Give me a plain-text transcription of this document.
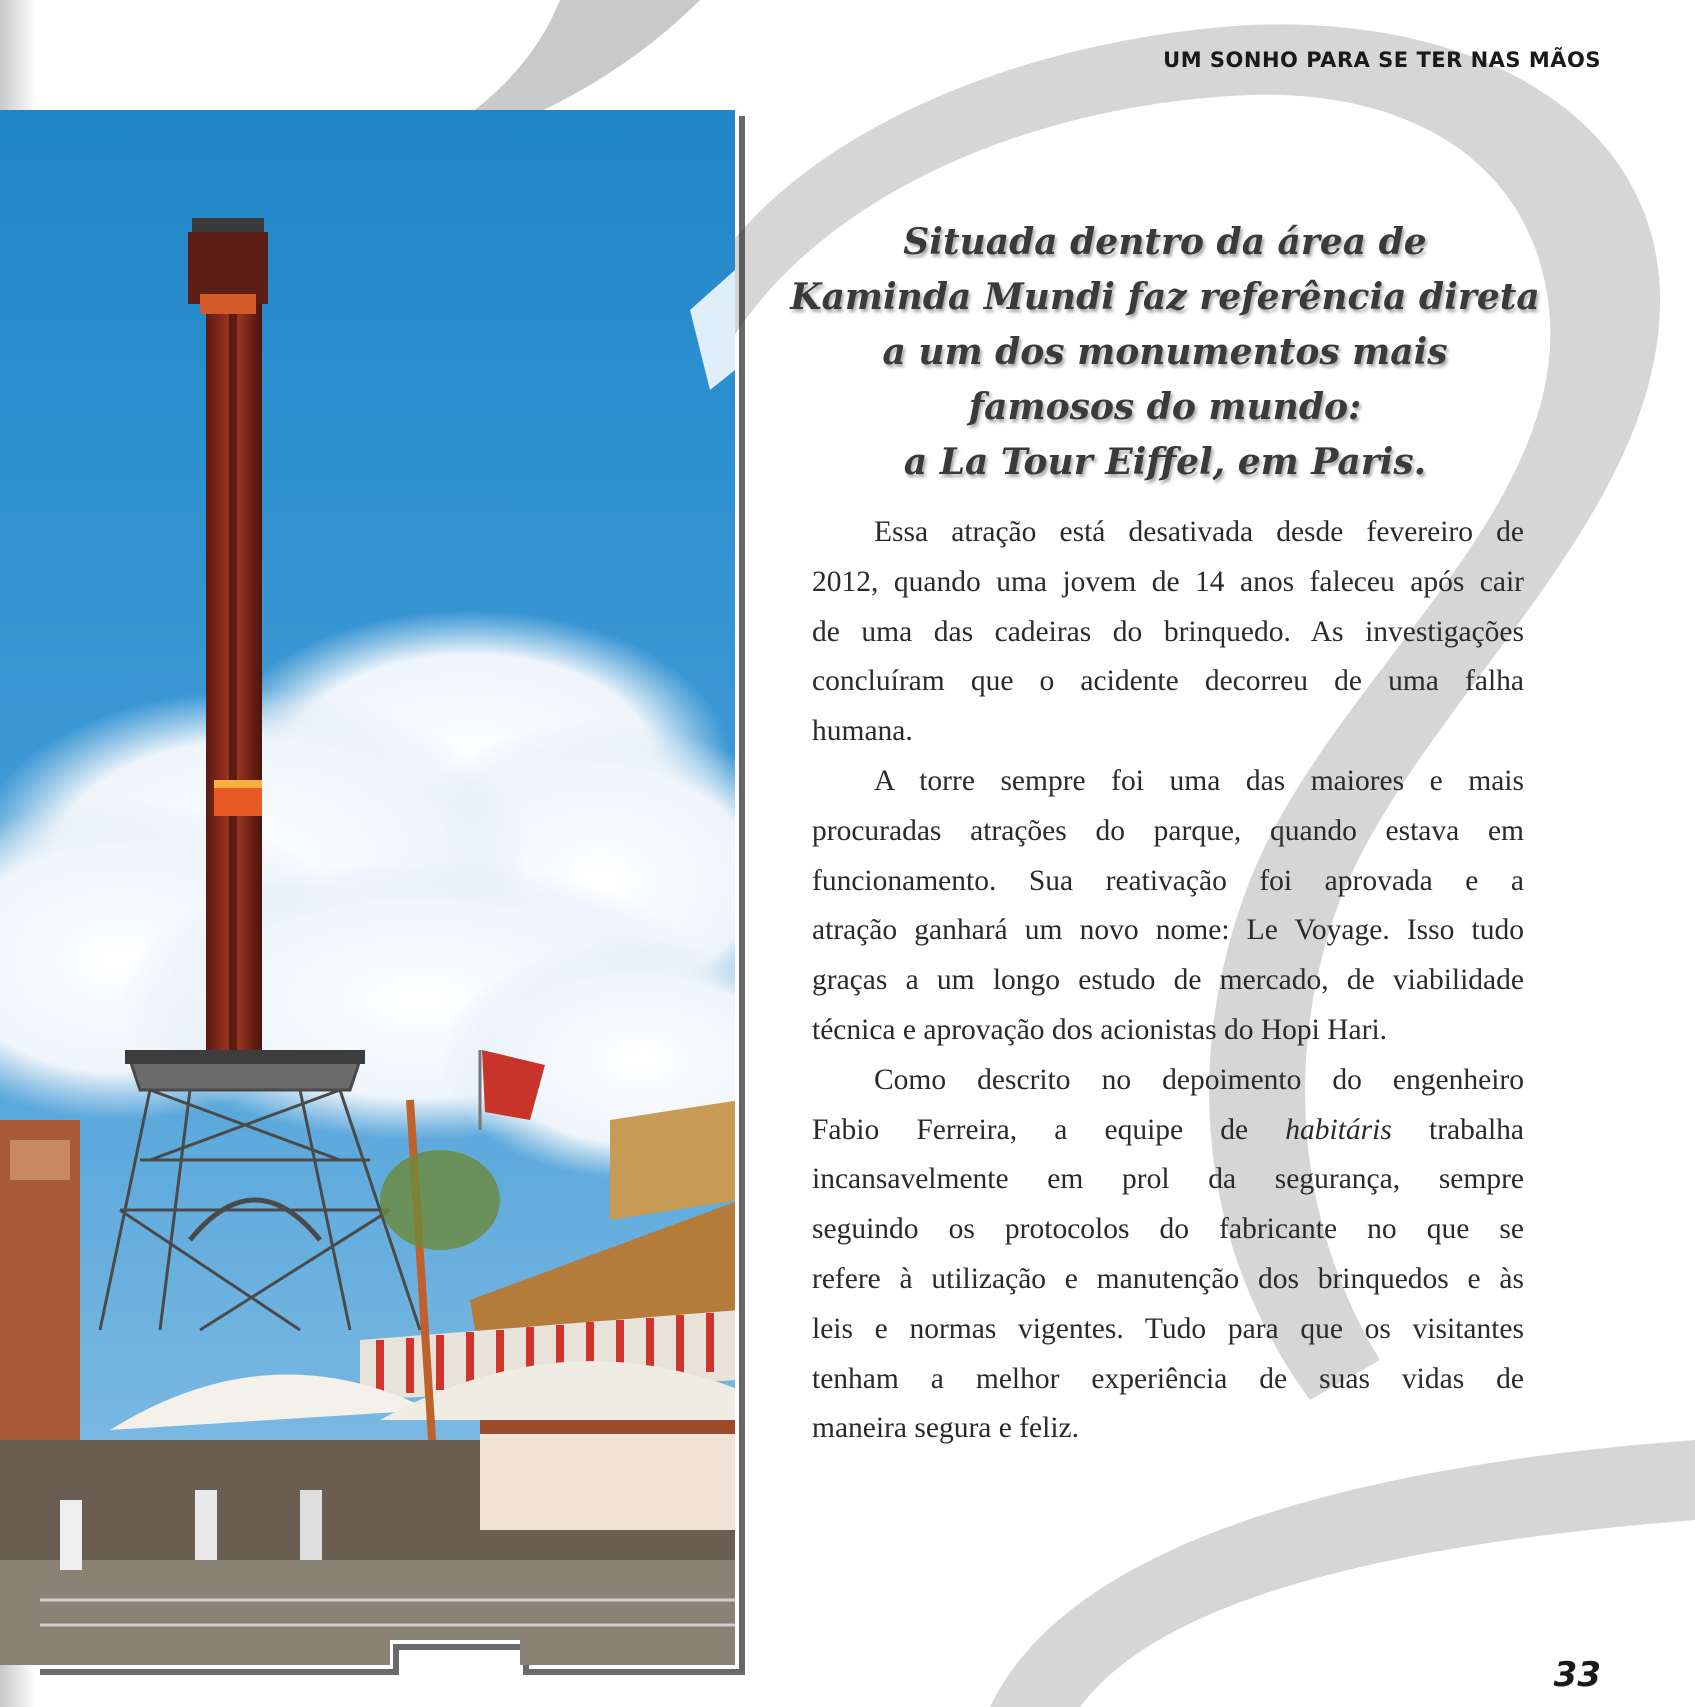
UM SONHO PARA SE TER NAS MÃOS
Situada dentro da área de
Kaminda Mundi faz referência direta
a um dos monumentos mais
famosos do mundo:
a La Tour Eiffel, em Paris.
Essa atração está desativada desde fevereiro de
2012, quando uma jovem de 14 anos faleceu após cair
de uma das cadeiras do brinquedo. As investigações
concluíram que o acidente decorreu de uma falha
humana.
A torre sempre foi uma das maiores e mais
procuradas atrações do parque, quando estava em
funcionamento. Sua reativação foi aprovada e a
atração ganhará um novo nome: Le Voyage. Isso tudo
graças a um longo estudo de mercado, de viabilidade
técnica e aprovação dos acionistas do Hopi Hari.
Como descrito no depoimento do engenheiro
Fabio Ferreira, a equipe de habitáris trabalha
incansavelmente em prol da segurança, sempre
seguindo os protocolos do fabricante no que se
refere à utilização e manutenção dos brinquedos e às
leis e normas vigentes. Tudo para que os visitantes
tenham a melhor experiência de suas vidas de
maneira segura e feliz.
33
